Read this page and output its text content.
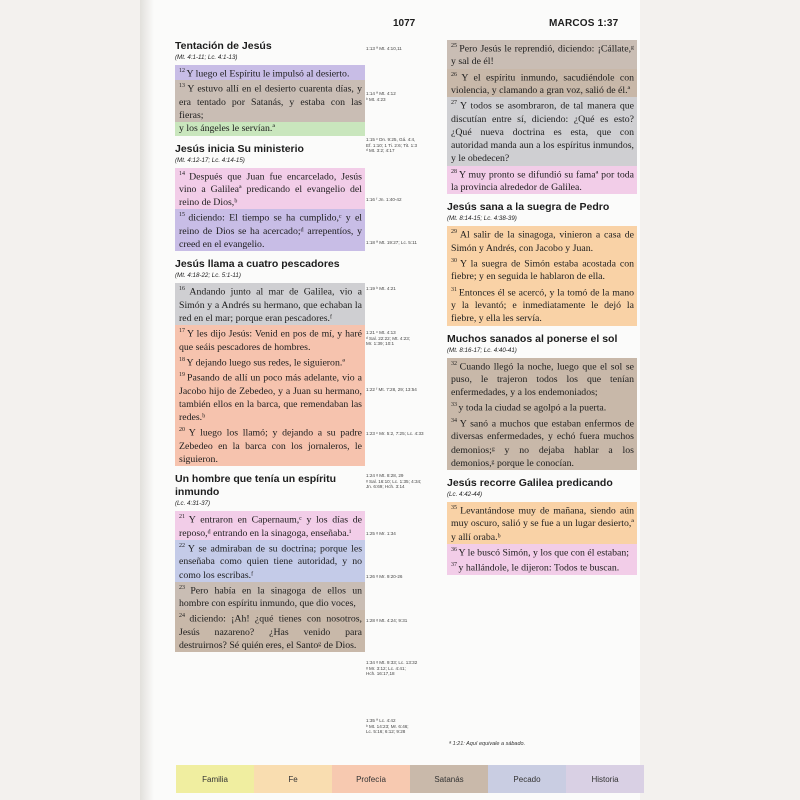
1077	MARCOS 1:37
Tentación de Jesús
(Mt. 4:1-11; Lc. 4:1-13)

$^{12}$ Y luego el Espíritu le impulsó al desierto.

$^{13}$ Y estuvo allí en el desierto cuarenta días, y era tentado por Satanás, y estaba con las fieras;

y los ángeles le servían.ª

Jesús inicia Su ministerio
(Mt. 4:12-17; Lc. 4:14-15)

$^{14}$ Después que Juan fue encarcelado, Jesús vino a Galileaª predicando el evangelio del reino de Dios,ᵇ

$^{15}$ diciendo: El tiempo se ha cumplido,ᶜ y el reino de Dios se ha acercado;ᵈ arrepentíos, y creed en el evangelio.

Jesús llama a cuatro pescadores
(Mt. 4:18-22; Lc. 5:1-11)

$^{16}$ Andando junto al mar de Galilea, vio a Simón y a Andrés su hermano, que echaban la red en el mar; porque eran pescadores.ᶠ

$^{17}$ Y les dijo Jesús: Venid en pos de mí, y haré que seáis pescadores de hombres.

$^{18}$ Y dejando luego sus redes, le siguieron.ª

$^{19}$ Pasando de allí un poco más adelante, vio a Jacobo hijo de Zebedeo, y a Juan su hermano, también ellos en la barca, que remendaban las redes.ᵇ

$^{20}$ Y luego los llamó; y dejando a su padre Zebedeo en la barca con los jornaleros, le siguieron.

Un hombre que tenía un espíritu inmundo
(Lc. 4:31-37)

$^{21}$ Y entraron en Capernaum,ᶜ y los días de reposo,ᵈ entrando en la sinagoga, enseñaba.ⁱ

$^{22}$ Y se admiraban de su doctrina; porque les enseñaba como quien tiene autoridad, y no como los escribas.ᶠ

$^{23}$ Pero había en la sinagoga de ellos un hombre con espíritu inmundo, que dio voces,

$^{24}$ diciendo: ¡Ah! ¿qué tienes con nosotros, Jesús nazareno? ¿Has venido para destruirnos? Sé quién eres, el Santoᵍ de Dios.

1:13 ª Mt. 4:10,11
1:14 ª Mt. 4:12
ᵇ Mt. 4:23
1:15 ᶜ Dn. 9:25, Gá. 4:4,
Ef. 1:10; 1 Ti. 2:6; Tit. 1:3
ᵈ Mt. 3:2; 4:17
1:16 ᶠ Jn. 1:40-42
1:18 ª Mt. 19:27; Lc. 5:11
1:19 ᵇ Mt. 4:21
1:21 ᶜ Mt. 4:13
ᵈ Sal. 22:22; Mt. 4:23;
Mr. 1:39; 10:1
1:22 ᶠ Mt. 7:28, 29; 13:54
1:23 ᶜ Mr. 5:2, 7:25; Lc. 4:33
1:24 ᵍ Mt. 8:28, 29
ᵍ Sal. 16:10; Lc. 1:35; 4:34;
Jn. 6:69; Hch. 3:14
1:25 ᵍ Mr. 1:34
1:26 ᵍ Mr. 9:20-26
1:28 ᵍ Mt. 4:24; 9:31
1:34 ᵍ Mt. 9:33; Lc. 13:32
ᵍ Mr. 3:12; Lc. 4:41;
Hch. 16:17,18
1:35 ª Lc. 4:42
ᵇ Mt. 14:23; Mr. 6:46;
Lc. 5:16; 6:12; 9:28

$^{25}$ Pero Jesús le reprendió, diciendo: ¡Cállate,ᵍ y sal de él!

$^{26}$ Y el espíritu inmundo, sacudiéndole con violencia, y clamando a gran voz, salió de él.ª

$^{27}$ Y todos se asombraron, de tal manera que discutían entre sí, diciendo: ¿Qué es esto? ¿Qué nueva doctrina es esta, que con autoridad manda aun a los espíritus inmundos, y le obedecen?

$^{28}$ Y muy pronto se difundió su famaª por toda la provincia alrededor de Galilea.

Jesús sana a la suegra de Pedro
(Mt. 8:14-15; Lc. 4:38-39)

$^{29}$ Al salir de la sinagoga, vinieron a casa de Simón y Andrés, con Jacobo y Juan.

$^{30}$ Y la suegra de Simón estaba acostada con fiebre; y en seguida le hablaron de ella.

$^{31}$ Entonces él se acercó, y la tomó de la mano y la levantó; e inmediatamente le dejó la fiebre, y ella les servía.

Muchos sanados al ponerse el sol
(Mt. 8:16-17; Lc. 4:40-41)

$^{32}$ Cuando llegó la noche, luego que el sol se puso, le trajeron todos los que tenían enfermedades, y a los endemoniados;

$^{33}$ y toda la ciudad se agolpó a la puerta.

$^{34}$ Y sanó a muchos que estaban enfermos de diversas enfermedades, y echó fuera muchos demonios;ᵍ y no dejaba hablar a los demonios,ᵍ porque le conocían.

Jesús recorre Galilea predicando
(Lc. 4:42-44)

$^{35}$ Levantándose muy de mañana, siendo aún muy oscuro, salió y se fue a un lugar desierto,ª y allí oraba.ᵇ

$^{36}$ Y le buscó Simón, y los que con él estaban;

$^{37}$ y hallándole, le dijeron: Todos te buscan.

ª 1:21: Aquí equivale a sábado.
Familia	Fe	Profecía	Satanás	Pecado	Historia
